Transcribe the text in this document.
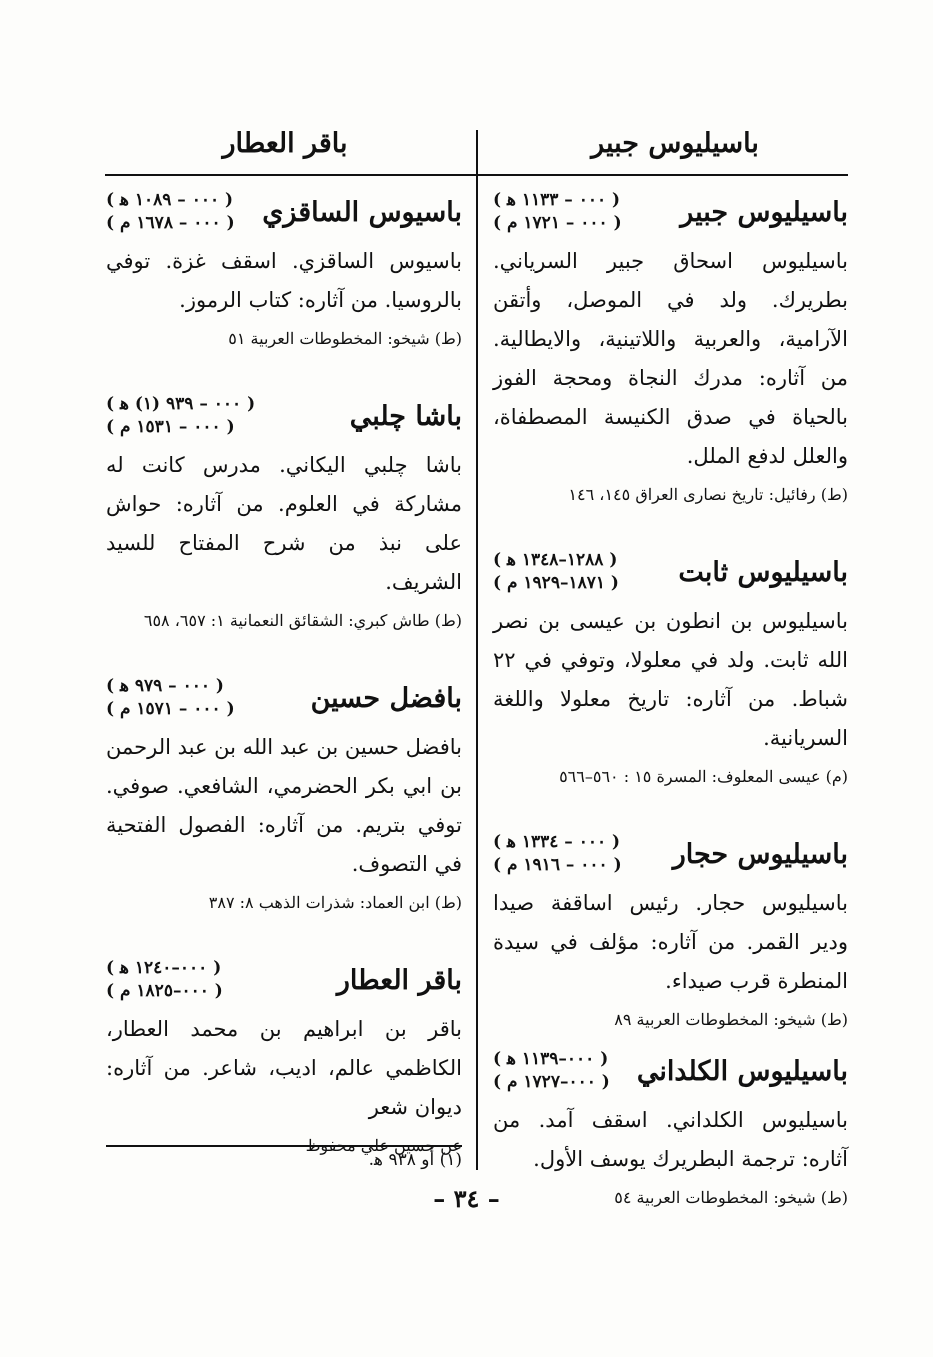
باسيليوس جبير
باقر العطار
باسيليوس جبير
( ٠٠٠ – ١١٣٣ ﻫ )
( ٠٠٠ – ١٧٢١ م )
باسيليوس اسحاق جبير السرياني. بطريرك. ولد في الموصل، وأتقن الآرامية، والعربية واللاتينية، والايطالية. من آثاره: مدرك النجاة ومحجة الفوز بالحياة في صدق الكنيسة المصطفاة، والعلل لدفع الملل.
(ط) رفائيل: تاريخ نصارى العراق ١٤٥، ١٤٦
باسيليوس ثابت
( ١٢٨٨–١٣٤٨ ﻫ )
( ١٨٧١–١٩٢٩ م )
باسيليوس بن انطون بن عيسى بن نصر الله ثابت. ولد في معلولا، وتوفي في ٢٢ شباط. من آثاره: تاريخ معلولا واللغة السريانية.
(م) عيسى المعلوف: المسرة ١٥ : ٥٦٠–٥٦٦
باسيليوس حجار
( ٠٠٠ – ١٣٣٤ ﻫ )
( ٠٠٠ – ١٩١٦ م )
باسيليوس حجار. رئيس اساقفة صيدا ودير القمر. من آثاره: مؤلف في سيدة المنطرة قرب صيداء.
(ط) شيخو: المخطوطات العربية ٨٩
باسيليوس الكلداني
( ٠٠٠–١١٣٩ ﻫ )
( ٠٠٠–١٧٢٧ م )
باسيليوس الكلداني. اسقف آمد. من آثاره: ترجمة البطريرك يوسف الأول.
(ط) شيخو: المخطوطات العربية ٥٤
باسيوس الساقزي
( ٠٠٠ – ١٠٨٩ ﻫ )
( ٠٠٠ – ١٦٧٨ م )
باسيوس الساقزي. اسقف غزة. توفي بالروسيا. من آثاره: كتاب الرموز.
(ط) شيخو: المخطوطات العربية ٥١
باشا چلبي
( ٠٠٠ – ٩٣٩ (١) ﻫ )
( ٠٠٠ – ١٥٣١ م )
باشا چلبي اليكاني. مدرس كانت له مشاركة في العلوم. من آثاره: حواش على نبذ من شرح المفتاح للسيد الشريف.
(ط) طاش كبري: الشقائق النعمانية ١: ٦٥٧، ٦٥٨
بافضل حسين
( ٠٠٠ – ٩٧٩ ﻫ )
( ٠٠٠ – ١٥٧١ م )
بافضل حسين بن عبد الله بن عبد الرحمن بن ابي بكر الحضرمي، الشافعي. صوفي. توفي بتريم. من آثاره: الفصول الفتحية في التصوف.
(ط) ابن العماد: شذرات الذهب ٨: ٣٨٧
باقر العطار
( ٠٠٠–١٢٤٠ ﻫ )
( ٠٠٠–١٨٢٥ م )
باقر بن ابراهيم بن محمد العطار، الكاظمي عالم، اديب، شاعر. من آثاره: ديوان شعر
عن حسين علي محفوظ
(١) أو ٩٣٨ ﻫ.
– ٣٤ –
